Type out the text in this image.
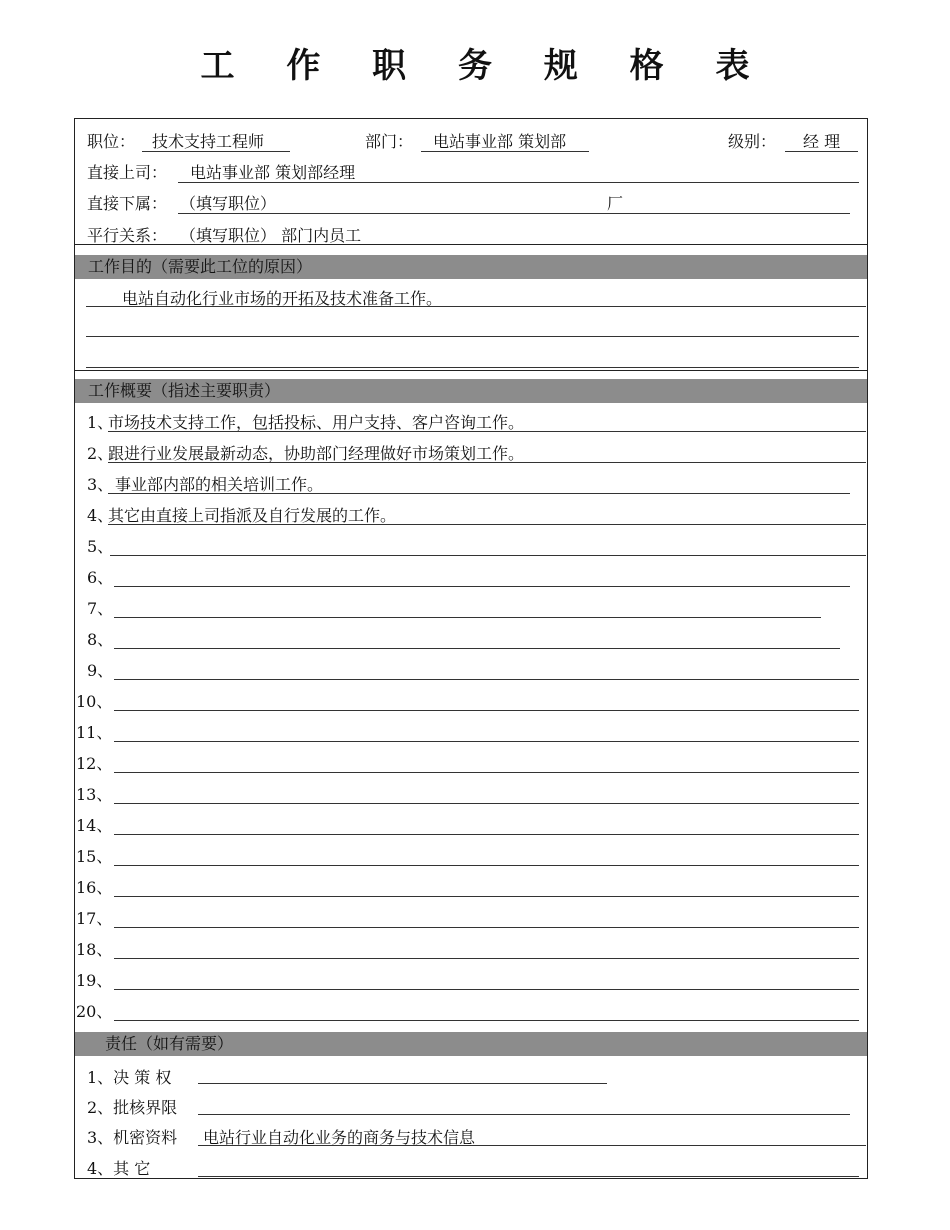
工 作 职 务 规 格 表
职位： 技术支持工程师	部门： 电站事业部 策划部	级别： 经 理
直接上司： 电站事业部 策划部经理
直接下属： （填写职位）	厂
平行关系： （填写职位） 部门内员工
工作目的（需要此工位的原因）
电站自动化行业市场的开拓及技术准备工作。
工作概要（指述主要职责）
1、
市场技术支持工作，包括投标、用户支持、客户咨询工作。
2、
跟进行业发展最新动态，协助部门经理做好市场策划工作。
3、 事业部内部的相关培训工作。
4、
其它由直接上司指派及自行发展的工作。
5、
6、
7、
8、
9、
10、
11、
12、
13、
14、
15、
16、
17、
18、
19、
20、
责任（如有需要）
1、决 策 权
2、批核界限
3、机密资料 电站行业自动化业务的商务与技术信息
4、其 它
